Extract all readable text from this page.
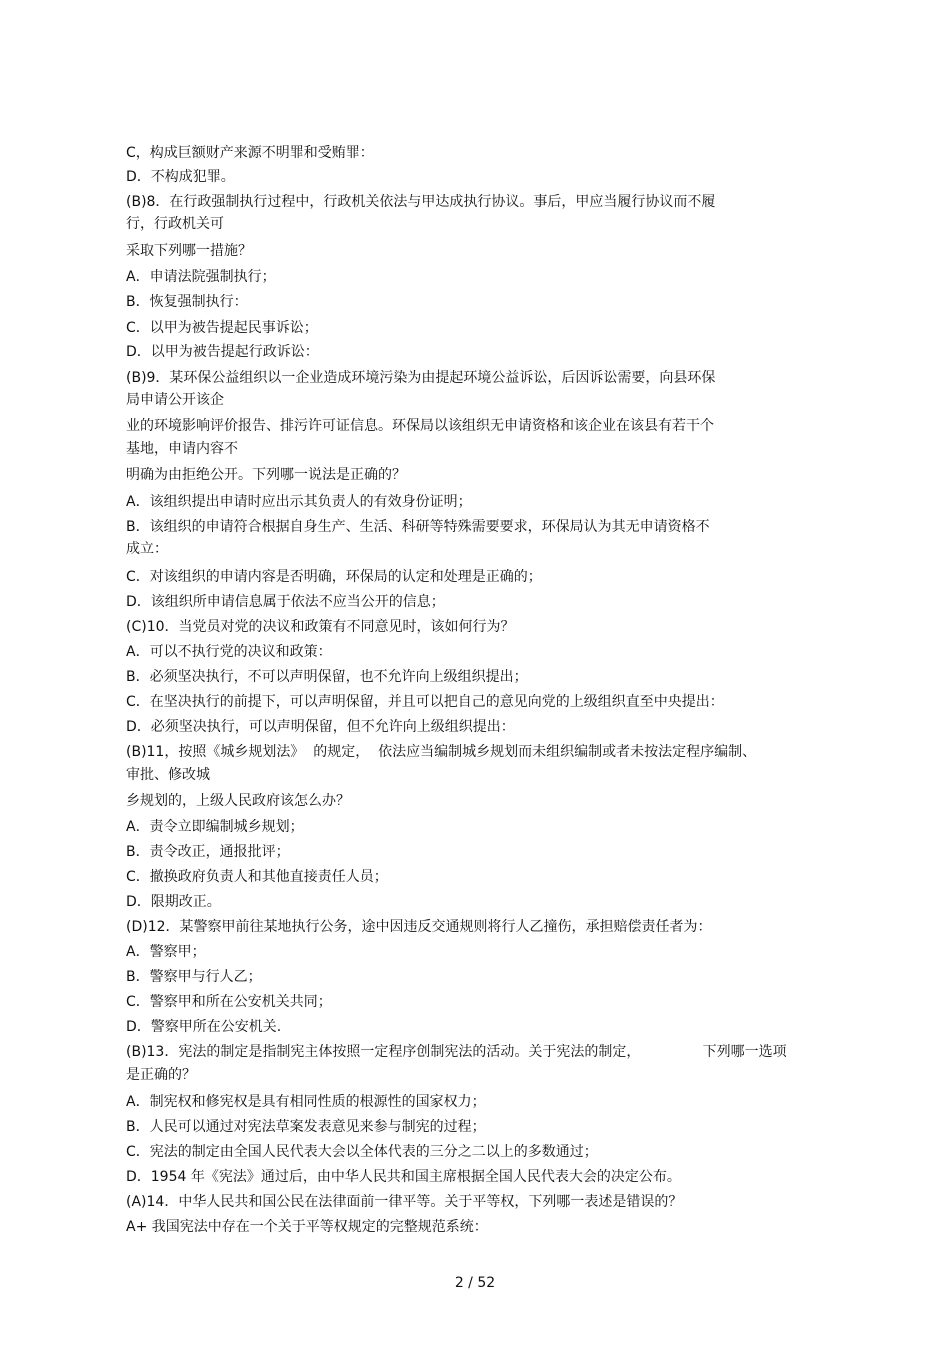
C，构成巨额财产来源不明罪和受贿罪：
D．不构成犯罪。
(B)8．在行政强制执行过程中，行政机关依法与甲达成执行协议。事后，甲应当履行协议而不履
行，行政机关可
采取下列哪一措施？
A．申请法院强制执行；
B．恢复强制执行：
C．以甲为被告提起民事诉讼；
D．以甲为被告提起行政诉讼：
(B)9．某环保公益组织以一企业造成环境污染为由提起环境公益诉讼，后因诉讼需要，向县环保
局申请公开该企
业的环境影响评价报告、排污许可证信息。环保局以该组织无申请资格和该企业在该县有若干个
基地，申请内容不
明确为由拒绝公开。下列哪一说法是正确的？
A．该组织提出申请时应出示其负责人的有效身份证明；
B．该组织的申请符合根据自身生产、生活、科研等特殊需要要求，环保局认为其无申请资格不
成立：
C．对该组织的申请内容是否明确，环保局的认定和处理是正确的；
D．该组织所申请信息属于依法不应当公开的信息；
(C)10．当党员对党的决议和政策有不同意见时，该如何行为？
A．可以不执行党的决议和政策：
B．必须坚决执行，不可以声明保留，也不允许向上级组织提出；
C．在坚决执行的前提下，可以声明保留，并且可以把自己的意见向党的上级组织直至中央提出：
D．必须坚决执行，可以声明保留，但不允许向上级组织提出：
(B)11，按照《城乡规划法》  的规定，  依法应当编制城乡规划而未组织编制或者未按法定程序编制、
审批、修改城
乡规划的，上级人民政府该怎么办？
A．责令立即编制城乡规划；
B．责令改正，通报批评；
C．撤换政府负责人和其他直接责任人员；
D．限期改正。
(D)12．某警察甲前往某地执行公务，途中因违反交通规则将行人乙撞伤，承担赔偿责任者为：
A．警察甲；
B．警察甲与行人乙；
C．警察甲和所在公安机关共同；
D．警察甲所在公安机关.
(B)13．宪法的制定是指制宪主体按照一定程序创制宪法的活动。关于宪法的制定，              下列哪一选项
是正确的？
A．制宪权和修宪权是具有相同性质的根源性的国家权力；
B．人民可以通过对宪法草案发表意见来参与制宪的过程；
C．宪法的制定由全国人民代表大会以全体代表的三分之二以上的多数通过；
D．1954 年《宪法》通过后，由中华人民共和国主席根据全国人民代表大会的决定公布。
(A)14．中华人民共和国公民在法律面前一律平等。关于平等权，下列哪一表述是错误的？
A+ 我国宪法中存在一个关于平等权规定的完整规范系统：
2 / 52
